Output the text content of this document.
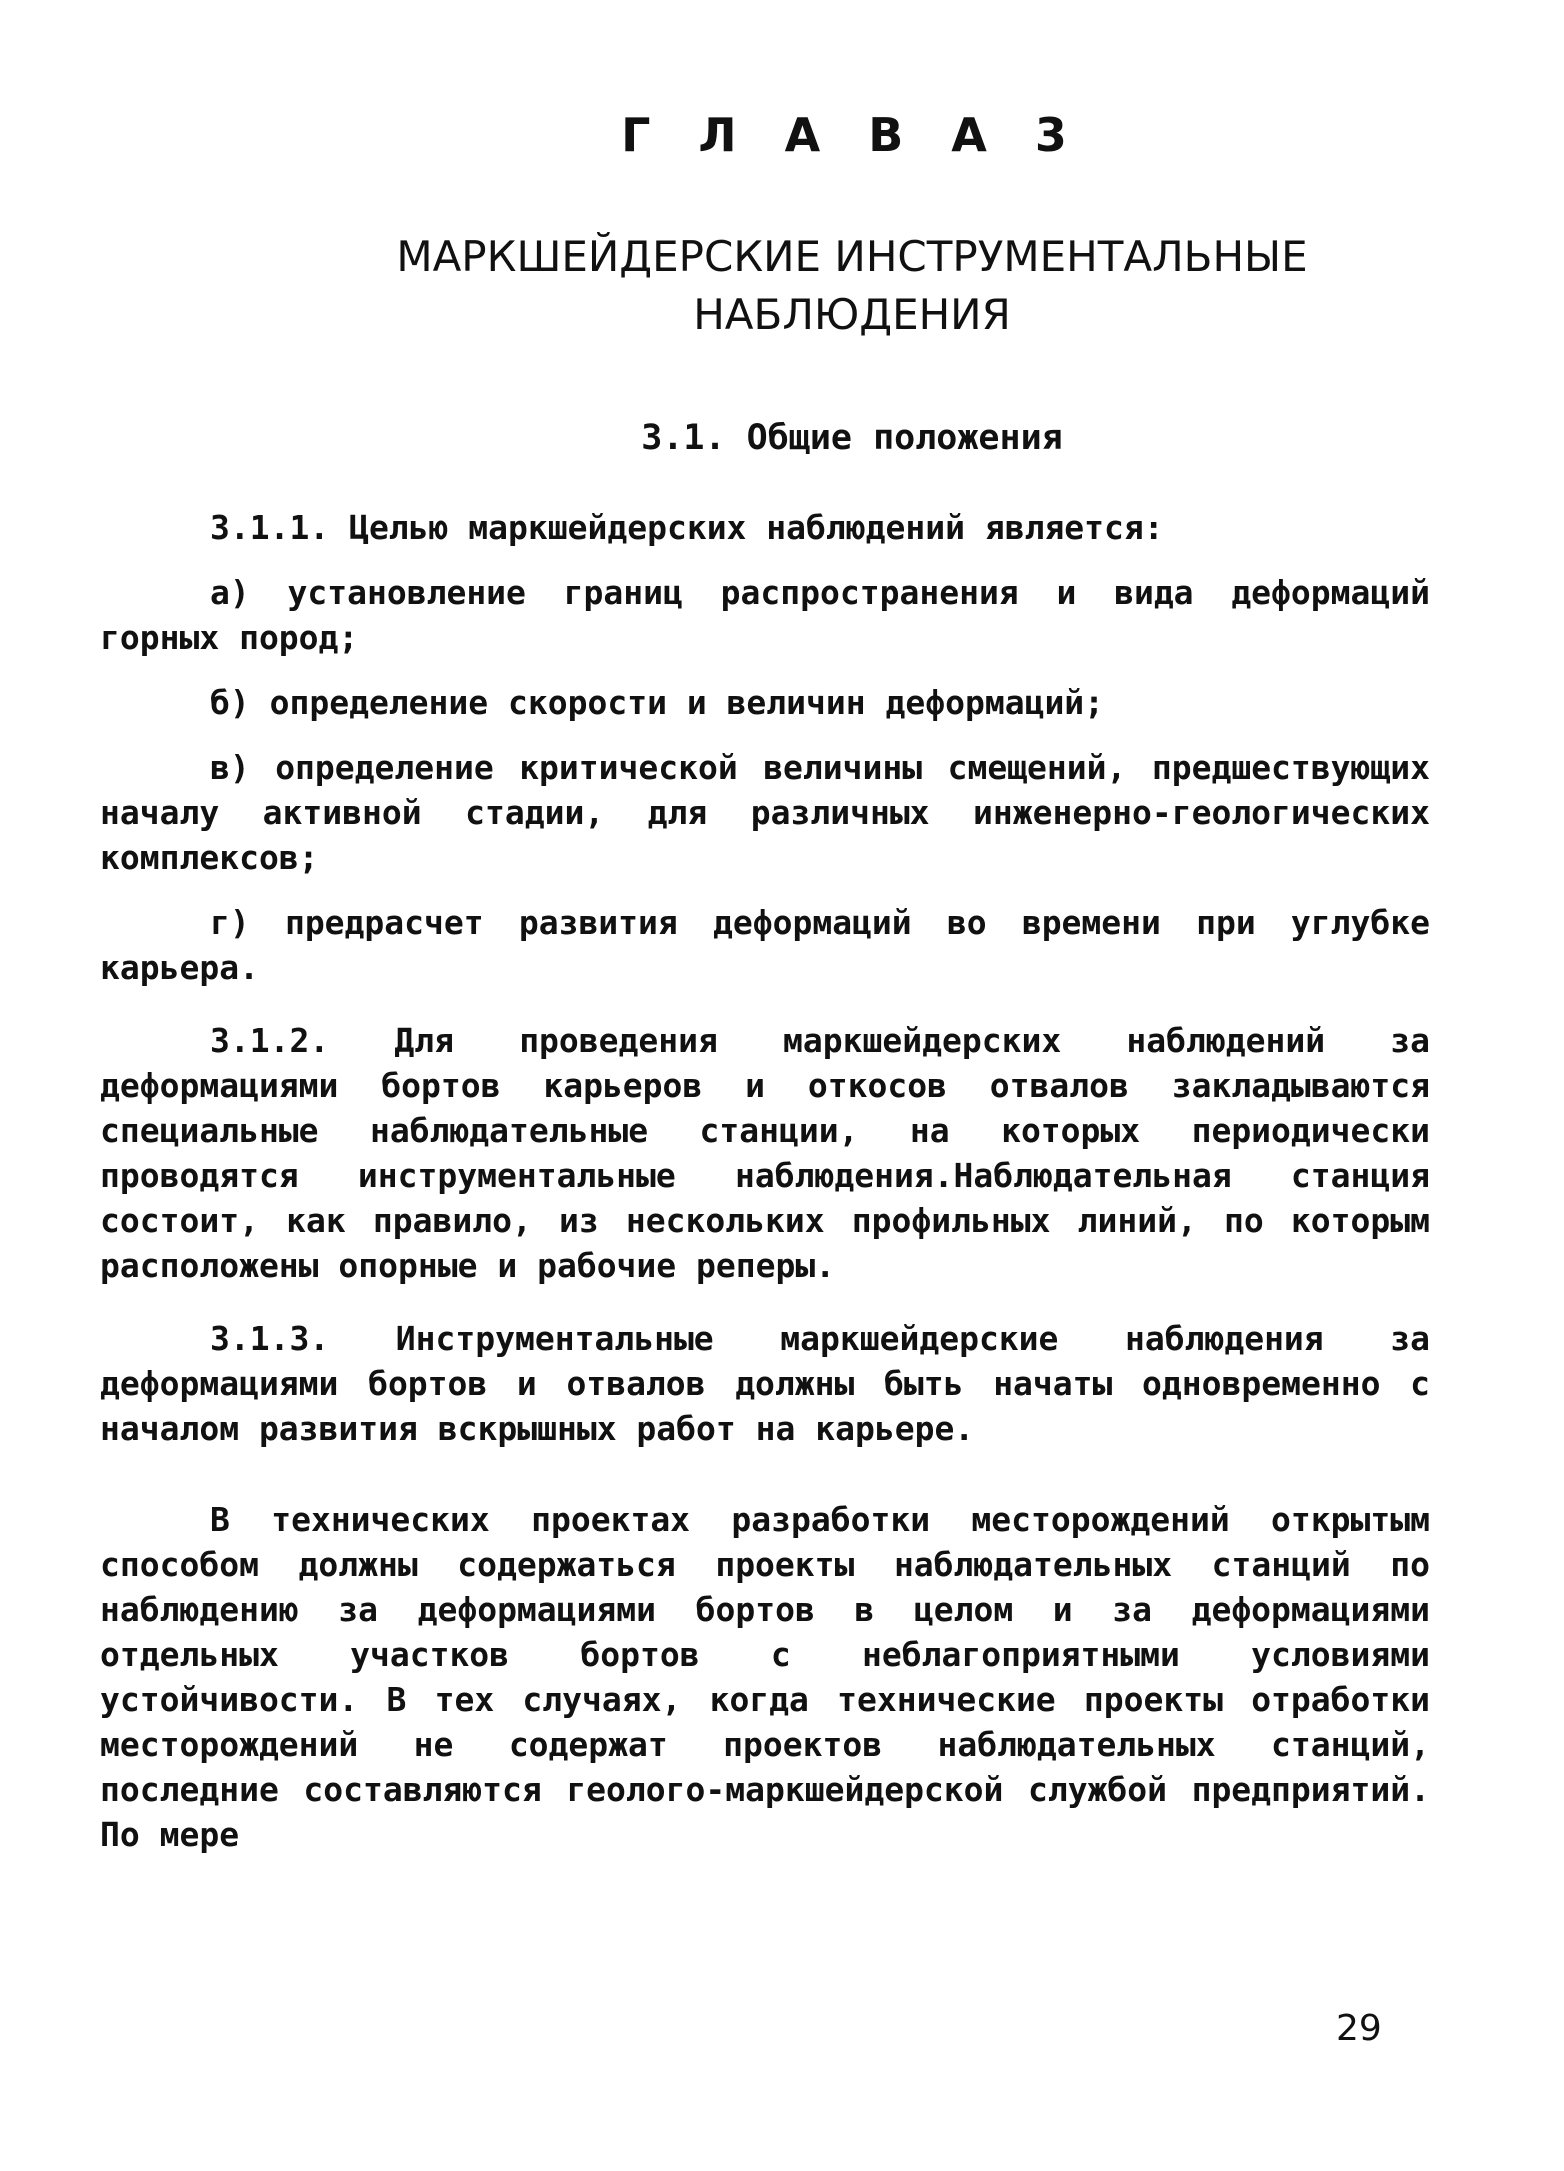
Г Л А В А 3
МАРКШЕЙДЕРСКИЕ ИНСТРУМЕНТАЛЬНЫЕ
НАБЛЮДЕНИЯ
3.1. Общие положения

3.1.1. Целью маркшейдерских наблюдений является:

а) установление границ распространения и вида деформаций горных пород;

б) определение скорости и величин деформаций;

в) определение критической величины смещений, предшествующих началу активной стадии, для различных инженерно-геологических комплексов;

г) предрасчет развития деформаций во времени при углубке карьера.

3.1.2. Для проведения маркшейдерских наблюдений за деформациями бортов карьеров и откосов отвалов закладываются специальные наблюдательные станции, на которых периодически проводятся инструментальные наблюдения.Наблюдательная станция состоит, как правило, из нескольких профильных линий, по которым расположены опорные и рабочие реперы.

3.1.3. Инструментальные маркшейдерские наблюдения за деформациями бортов и отвалов должны быть начаты одновременно с началом развития вскрышных работ на карьере.

В технических проектах разработки месторождений открытым способом должны содержаться проекты наблюдательных станций по наблюдению за деформациями бортов в целом и за деформациями отдельных участков бортов с неблагоприятными условиями устойчивости. В тех случаях, когда технические проекты отработки месторождений не содержат проектов наблюдательных станций, последние составляются геолого-маркшейдерской службой предприятий. По мере

29
